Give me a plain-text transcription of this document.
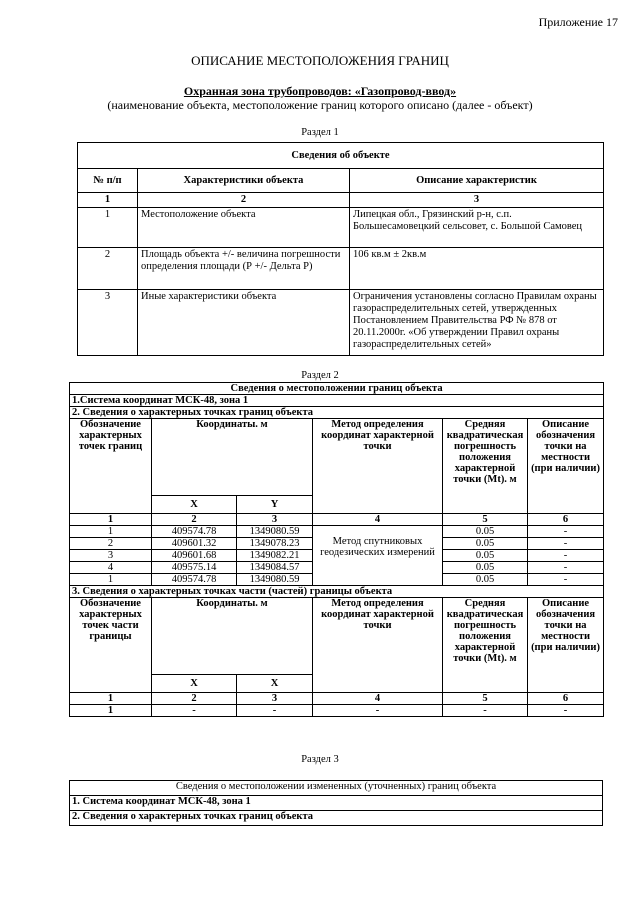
Приложение 17
ОПИСАНИЕ МЕСТОПОЛОЖЕНИЯ ГРАНИЦ
Охранная зона трубопроводов: «Газопровод-ввод»
(наименование объекта, местоположение границ которого описано (далее - объект)
Раздел 1
Сведения об объекте		
№ п/п	Характеристики объекта	Описание характеристик
1	2	3
1	Местоположение объекта	Липецкая обл., Грязинский р-н, с.п. Большесамовецкий сельсовет, с. Большой Самовец
2	Площадь объекта +/- величина погрешности определения площади (Р +/- Дельта Р)	106 кв.м ± 2кв.м
3	Иные характеристики объекта	Ограничения установлены согласно Правилам охраны газораспределительных сетей, утвержденных Постановлением Правительства РФ № 878 от 20.11.2000г. «Об утверждении Правил охраны газораспределительных сетей»
Раздел 2
Сведения о местоположении границ объекта					
1.Система координат МСК-48, зона 1					
2. Сведения о характерных точках границ объекта					
Обозначение характерных точек границ	Координаты. м		Метод определения координат характерной точки	Средняя квадратическая погрешность положения характерной точки (Mt). м	Описание обозначения точки на местности (при наличии)
	X	Y			
1	2	3	4	5	6
1	409574.78	1349080.59	Метод спутниковых геодезических измерений	0.05	-
2	409601.32	1349078.23		0.05	-
3	409601.68	1349082.21		0.05	-
4	409575.14	1349084.57		0.05	-
1	409574.78	1349080.59		0.05	-
3. Сведения о характерных точках части (частей) границы объекта					
Обозначение характерных точек части границы	Координаты. м		Метод определения координат характерной точки	Средняя квадратическая погрешность положения характерной точки (Mt). м	Описание обозначения точки на местности (при наличии)
	X	X			
1	2	3	4	5	6
1	-	-	-	-	-
Раздел 3
Сведения о местоположении измененных (уточненных) границ объекта
1. Система координат МСК-48, зона 1
2. Сведения о характерных точках границ объекта
